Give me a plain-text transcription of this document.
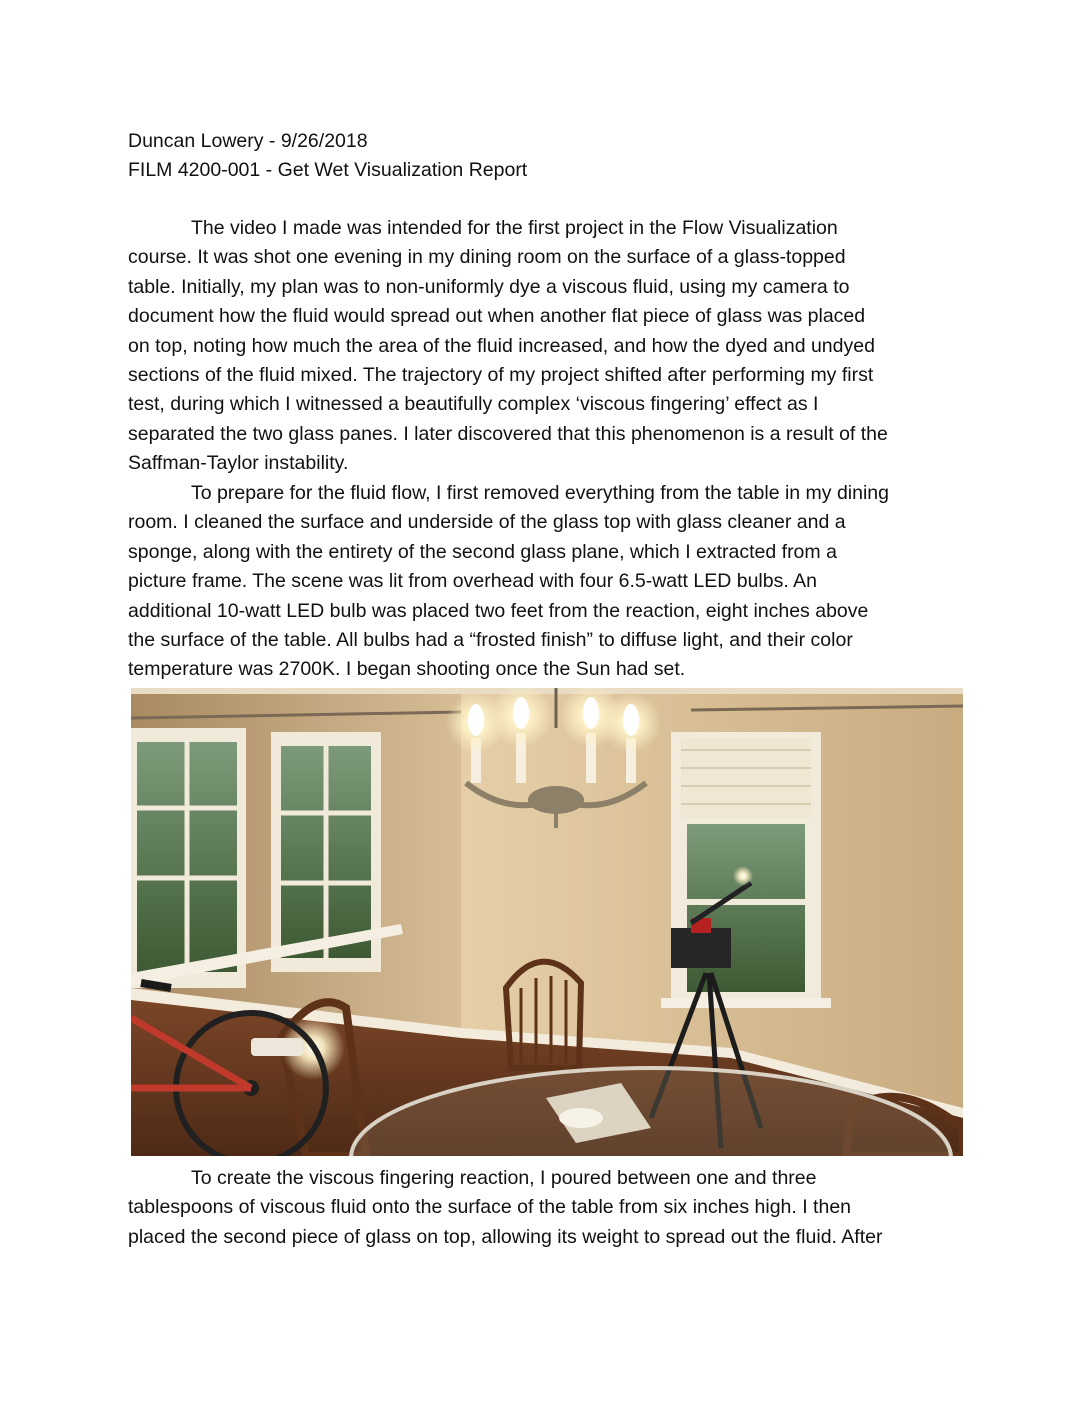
Duncan Lowery - 9/26/2018
FILM 4200-001 - Get Wet Visualization Report
The video I made was intended for the first project in the Flow Visualization
course. It was shot one evening in my dining room on the surface of a glass-topped
table. Initially, my plan was to non-uniformly dye a viscous fluid, using my camera to
document how the fluid would spread out when another flat piece of glass was placed
on top, noting how much the area of the fluid increased, and how the dyed and undyed
sections of the fluid mixed. The trajectory of my project shifted after performing my first
test, during which I witnessed a beautifully complex ‘viscous fingering’ effect as I
separated the two glass panes. I later discovered that this phenomenon is a result of the
Saffman-Taylor instability.
To prepare for the fluid flow, I first removed everything from the table in my dining
room. I cleaned the surface and underside of the glass top with glass cleaner and a
sponge, along with the entirety of the second glass plane, which I extracted from a
picture frame. The scene was lit from overhead with four 6.5-watt LED bulbs. An
additional 10-watt LED bulb was placed two feet from the reaction, eight inches above
the surface of the table. All bulbs had a “frosted finish” to diffuse light, and their color
temperature was 2700K. I began shooting once the Sun had set.
To create the viscous fingering reaction, I poured between one and three
tablespoons of viscous fluid onto the surface of the table from six inches high. I then
placed the second piece of glass on top, allowing its weight to spread out the fluid. After
